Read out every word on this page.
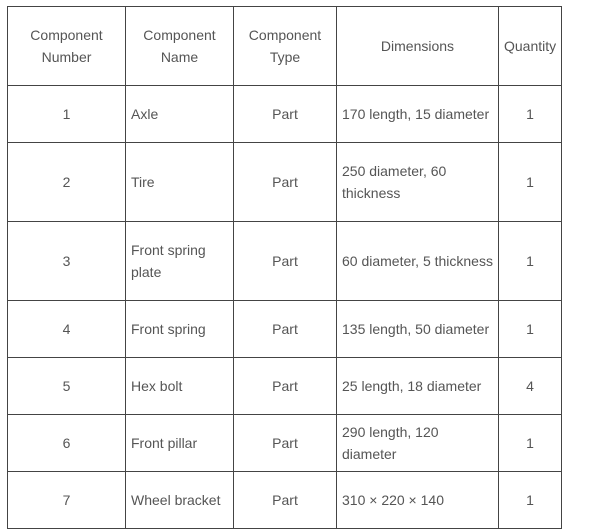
Component Number	Component Name	Component Type	Dimensions	Quantity
1	Axle	Part	170 length, 15 diameter	1
2	Tire	Part	250 diameter, 60 thickness	1
3	Front spring plate	Part	60 diameter, 5 thickness	1
4	Front spring	Part	135 length, 50 diameter	1
5	Hex bolt	Part	25 length, 18 diameter	4
6	Front pillar	Part	290 length, 120 diameter	1
7	Wheel bracket	Part	310 × 220 × 140	1
